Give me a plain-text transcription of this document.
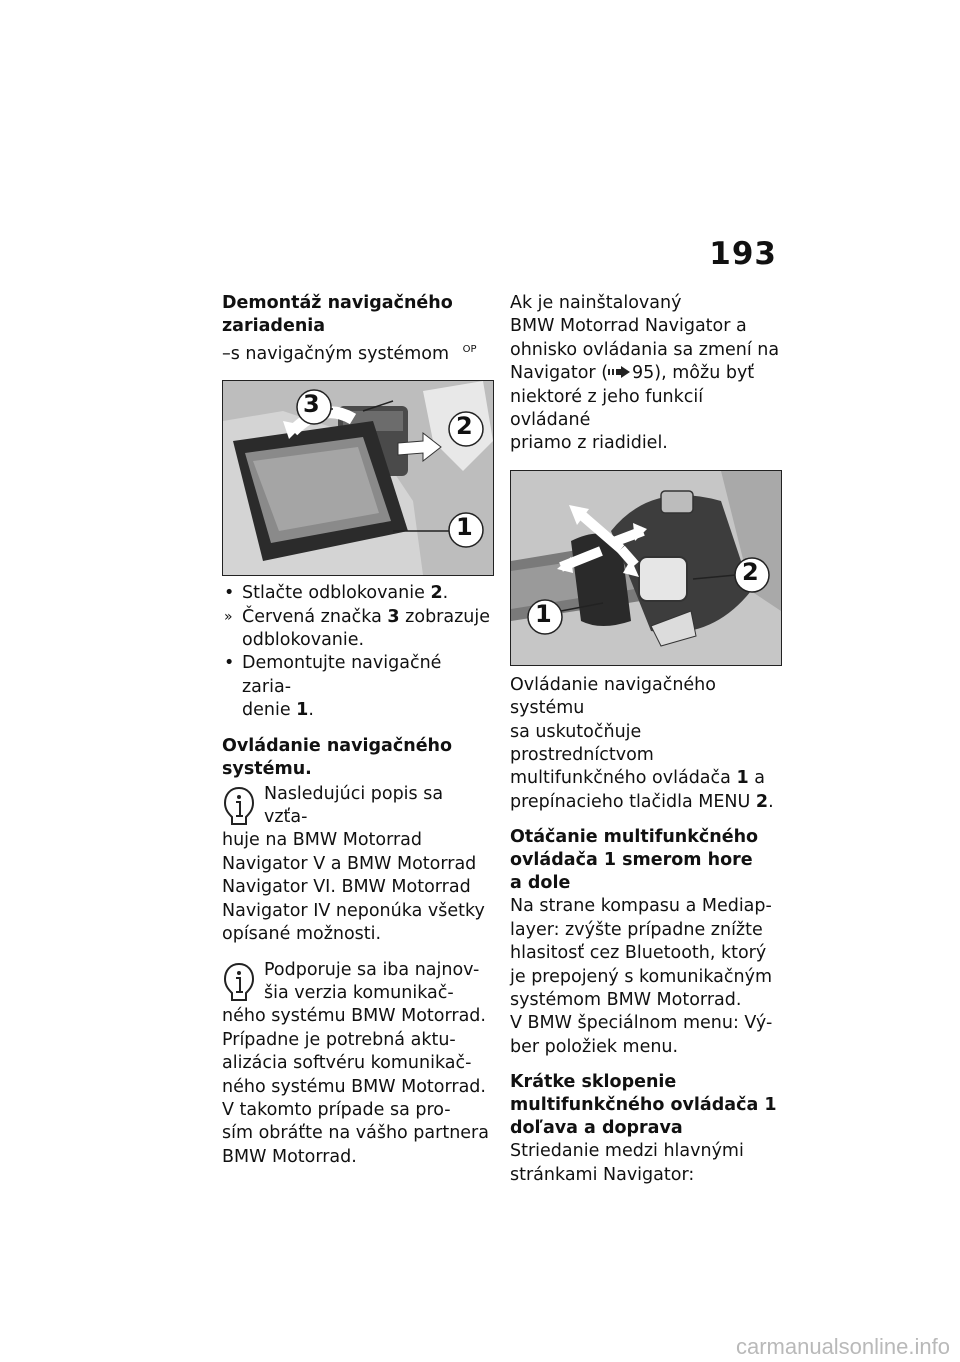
193
Demontáž navigačného
zariadenia
–s navigačným systémom $^{OP}$
3
2
1
• Stlačte odblokovanie 2.
» Červená značka 3 zobrazuje
odblokovanie.
• Demontujte navigačné zaria-
denie 1.
Ovládanie navigačného
systému.
Nasledujúci popis sa vzťa-
huje na BMW Motorrad
Navigator V a BMW Motorrad
Navigator VI. BMW Motorrad
Navigator IV neponúka všetky
opísané možnosti.
Podporuje sa iba najnov-
šia verzia komunikač-
ného systému BMW Motorrad.
Prípadne je potrebná aktu-
alizácia softvéru komunikač-
ného systému BMW Motorrad.
V takomto prípade sa pro-
sím obráťte na vášho partnera
BMW Motorrad.
Ak je nainštalovaný
BMW Motorrad Navigator a
ohnisko ovládania sa zmení na
Navigator ( 95), môžu byť
niektoré z jeho funkcií ovládané
priamo z riadidiel.
2
1
Ovládanie navigačného systému
sa uskutočňuje prostredníctvom
multifunkčného ovládača 1 a
prepínacieho tlačidla MENU 2.
Otáčanie multifunkčného
ovládača 1 smerom hore
a dole
Na strane kompasu a Mediap-
layer: zvýšte prípadne znížte
hlasitosť cez Bluetooth, ktorý
je prepojený s komunikačným
systémom BMW Motorrad.
V BMW špeciálnom menu: Vý-
ber položiek menu.
Krátke sklopenie
multifunkčného ovládača 1
doľava a doprava
Striedanie medzi hlavnými
stránkami Navigator:
carmanualsonline.info
